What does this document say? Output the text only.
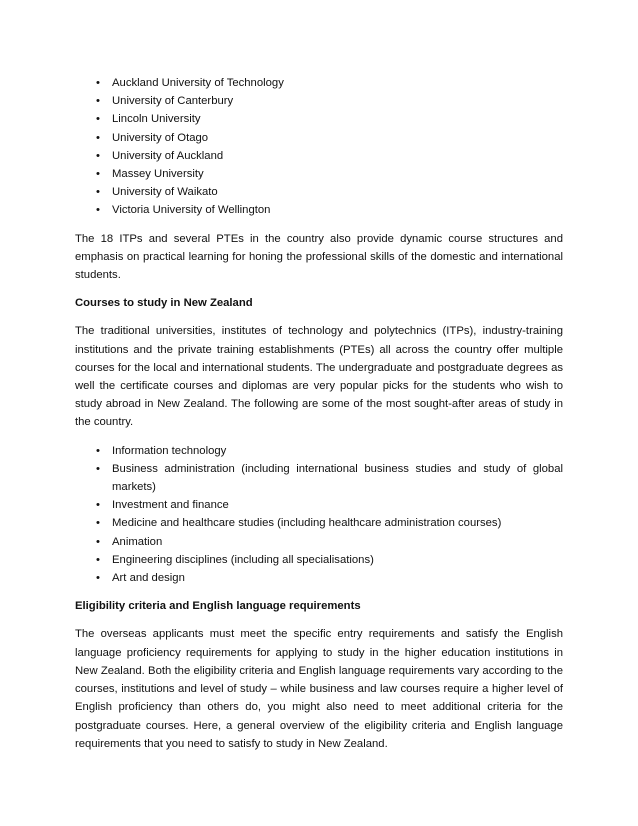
•	Auckland University of Technology
•	University of Canterbury
•	Lincoln University
•	University of Otago
•	University of Auckland
•	Massey University
•	University of Waikato
•	Victoria University of Wellington

The 18 ITPs and several PTEs in the country also provide dynamic course structures and emphasis on practical learning for honing the professional skills of the domestic and international students.

Courses to study in New Zealand

The traditional universities, institutes of technology and polytechnics (ITPs), industry-training institutions and the private training establishments (PTEs) all across the country offer multiple courses for the local and international students. The undergraduate and postgraduate degrees as well the certificate courses and diplomas are very popular picks for the students who wish to study abroad in New Zealand. The following are some of the most sought-after areas of study in the country.

•	Information technology
•	Business administration (including international business studies and study of global markets)
•	Investment and finance
•	Medicine and healthcare studies (including healthcare administration courses)
•	Animation
•	Engineering disciplines (including all specialisations)
•	Art and design
Eligibility criteria and English language requirements

The overseas applicants must meet the specific entry requirements and satisfy the English language proficiency requirements for applying to study in the higher education institutions in New Zealand. Both the eligibility criteria and English language requirements vary according to the courses, institutions and level of study – while business and law courses require a higher level of English proficiency than others do, you might also need to meet additional criteria for the postgraduate courses. Here, a general overview of the eligibility criteria and English language requirements that you need to satisfy to study in New Zealand.
